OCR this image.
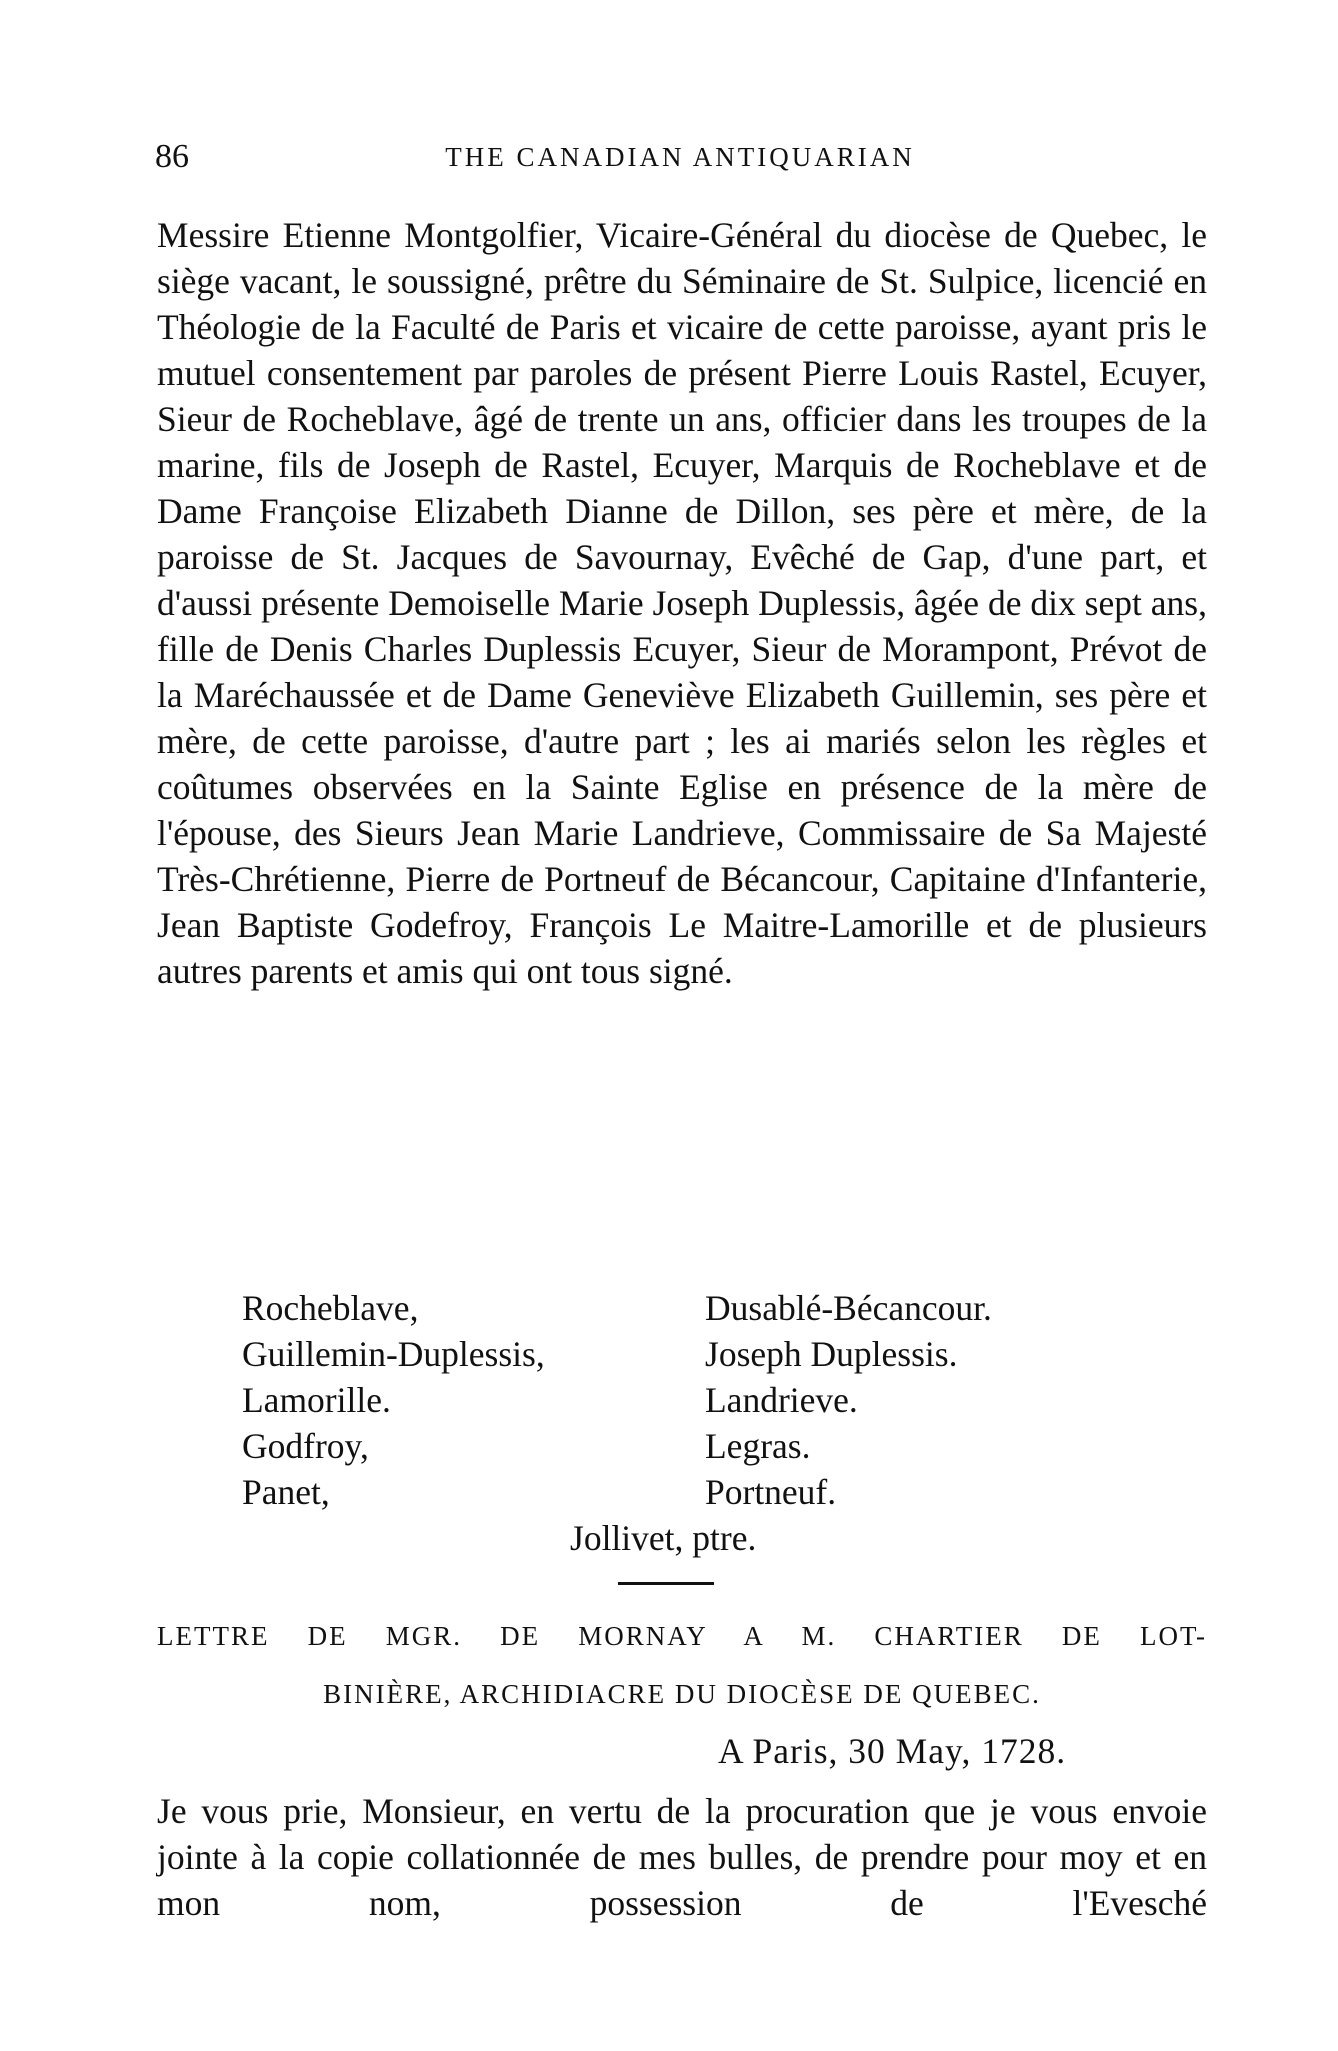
86	THE CANADIAN ANTIQUARIAN

Messire Etienne Montgolfier, Vicaire-Général du diocèse de Quebec, le siège vacant, le soussigné, prêtre du Séminaire de St. Sulpice, licencié en Théologie de la Faculté de Paris et vicaire de cette paroisse, ayant pris le mutuel consentement par paroles de présent Pierre Louis Rastel, Ecuyer, Sieur de Rocheblave, âgé de trente un ans, officier dans les troupes de la marine, fils de Joseph de Rastel, Ecuyer, Marquis de Rocheblave et de Dame Françoise Elizabeth Dianne de Dillon, ses père et mère, de la paroisse de St. Jacques de Savournay, Evêché de Gap, d'une part, et d'aussi présente Demoiselle Marie Joseph Duplessis, âgée de dix sept ans, fille de Denis Charles Duplessis Ecuyer, Sieur de Morampont, Prévot de la Maréchaussée et de Dame Geneviève Elizabeth Guillemin, ses père et mère, de cette paroisse, d'autre part ; les ai mariés selon les règles et coûtumes observées en la Sainte Eglise en présence de la mère de l'épouse, des Sieurs Jean Marie Landrieve, Commissaire de Sa Majesté Très-Chrétienne, Pierre de Portneuf de Bécancour, Capitaine d'Infanterie, Jean Baptiste Godefroy, François Le Maitre-Lamorille et de plusieurs autres parents et amis qui ont tous signé.

Rocheblave,	Dusablé-Bécancour.
Guillemin-Duplessis,	Joseph Duplessis.
Lamorille.	Landrieve.
Godfroy,	Legras.
Panet,	Portneuf.
Jollivet, ptre.

LETTRE DE MGR. DE MORNAY A M. CHARTIER DE LOT-
BINIÈRE, ARCHIDIACRE DU DIOCÈSE DE QUEBEC.

A Paris, 30 May, 1728.

Je vous prie, Monsieur, en vertu de la procuration que je vous envoie jointe à la copie collationnée de mes bulles, de prendre pour moy et en mon nom, possession de l'Evesché
